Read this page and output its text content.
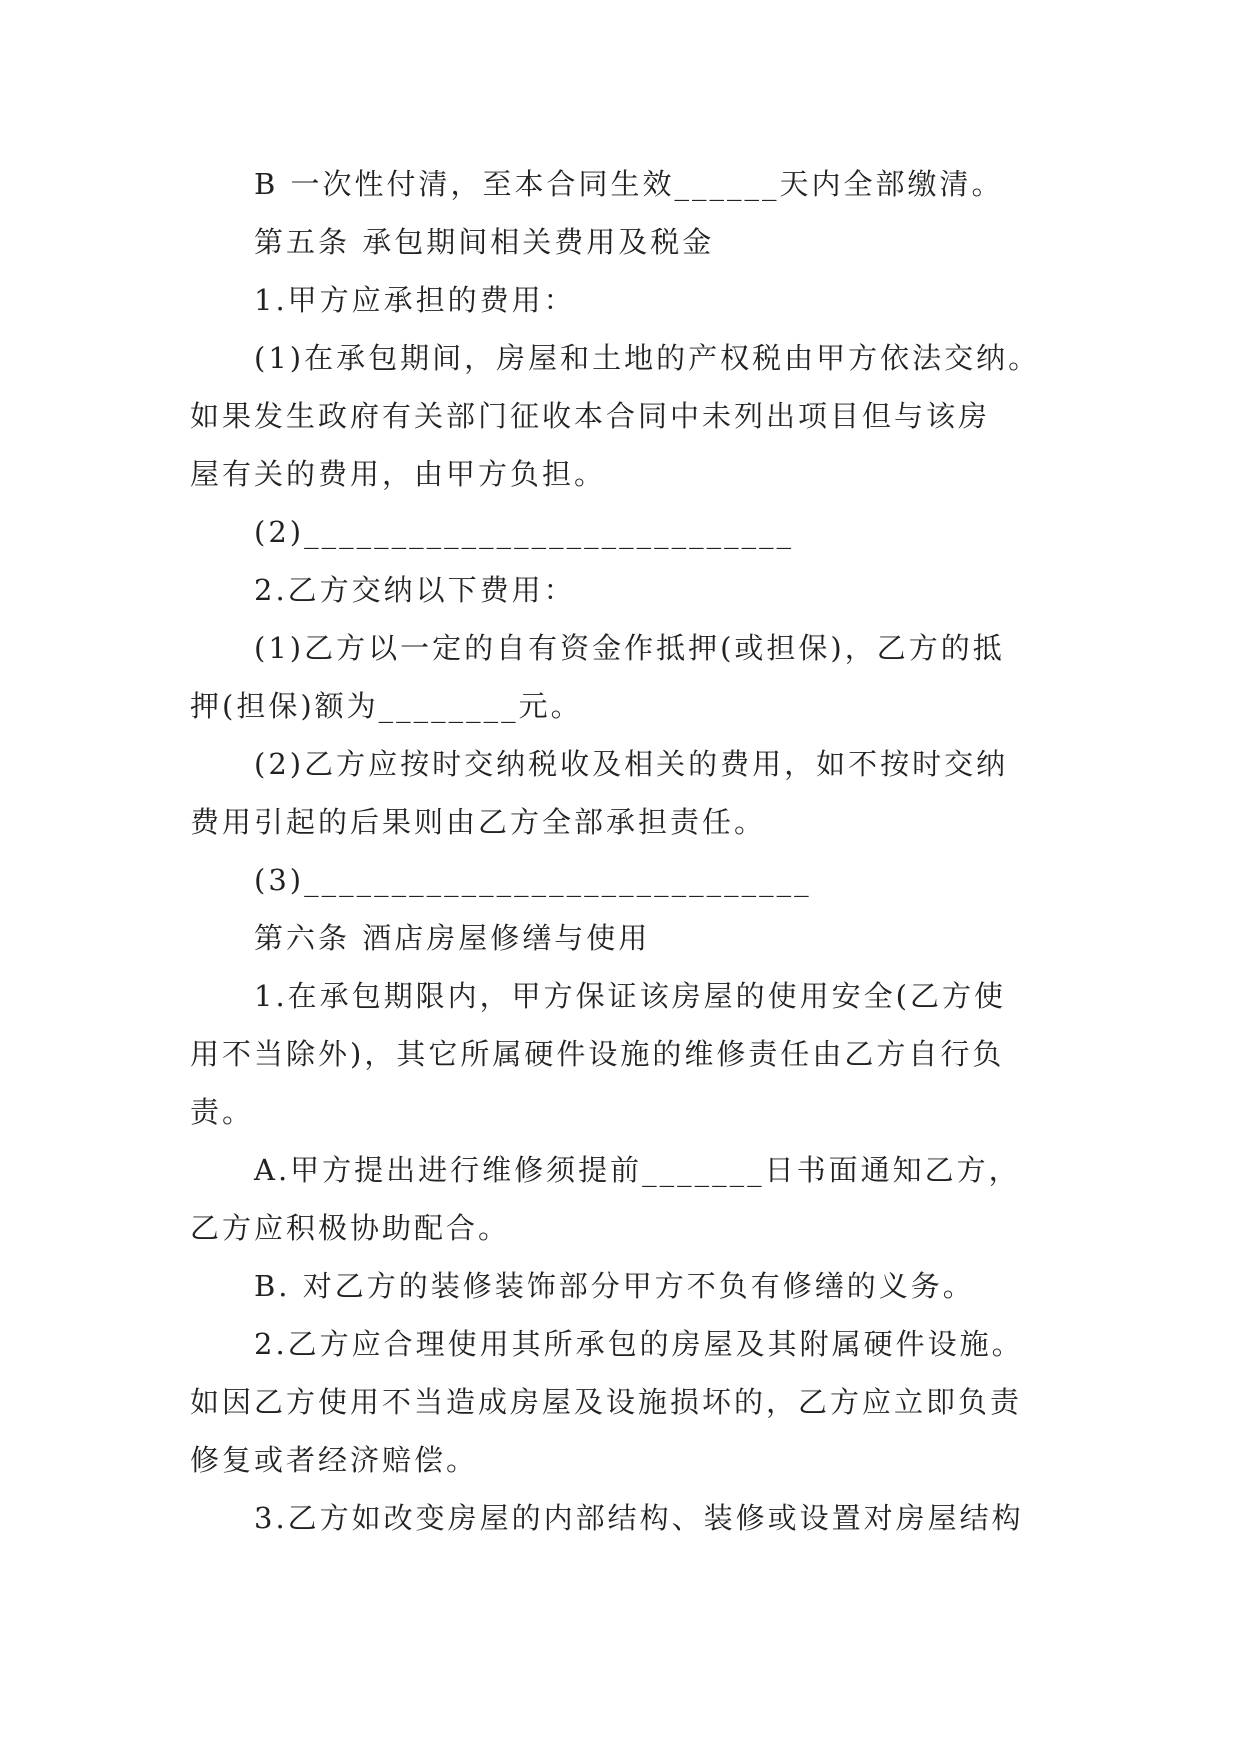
B 一次性付清，至本合同生效______天内全部缴清。
第五条 承包期间相关费用及税金
1.甲方应承担的费用：
(1)在承包期间，房屋和土地的产权税由甲方依法交纳。
如果发生政府有关部门征收本合同中未列出项目但与该房
屋有关的费用，由甲方负担。
(2)____________________________
2.乙方交纳以下费用：
(1)乙方以一定的自有资金作抵押(或担保)，乙方的抵
押(担保)额为________元。
(2)乙方应按时交纳税收及相关的费用，如不按时交纳
费用引起的后果则由乙方全部承担责任。
(3)_____________________________
第六条 酒店房屋修缮与使用
1.在承包期限内，甲方保证该房屋的使用安全(乙方使
用不当除外)，其它所属硬件设施的维修责任由乙方自行负
责。
A.甲方提出进行维修须提前_______日书面通知乙方，
乙方应积极协助配合。
B. 对乙方的装修装饰部分甲方不负有修缮的义务。
2.乙方应合理使用其所承包的房屋及其附属硬件设施。
如因乙方使用不当造成房屋及设施损坏的，乙方应立即负责
修复或者经济赔偿。
3.乙方如改变房屋的内部结构、装修或设置对房屋结构
